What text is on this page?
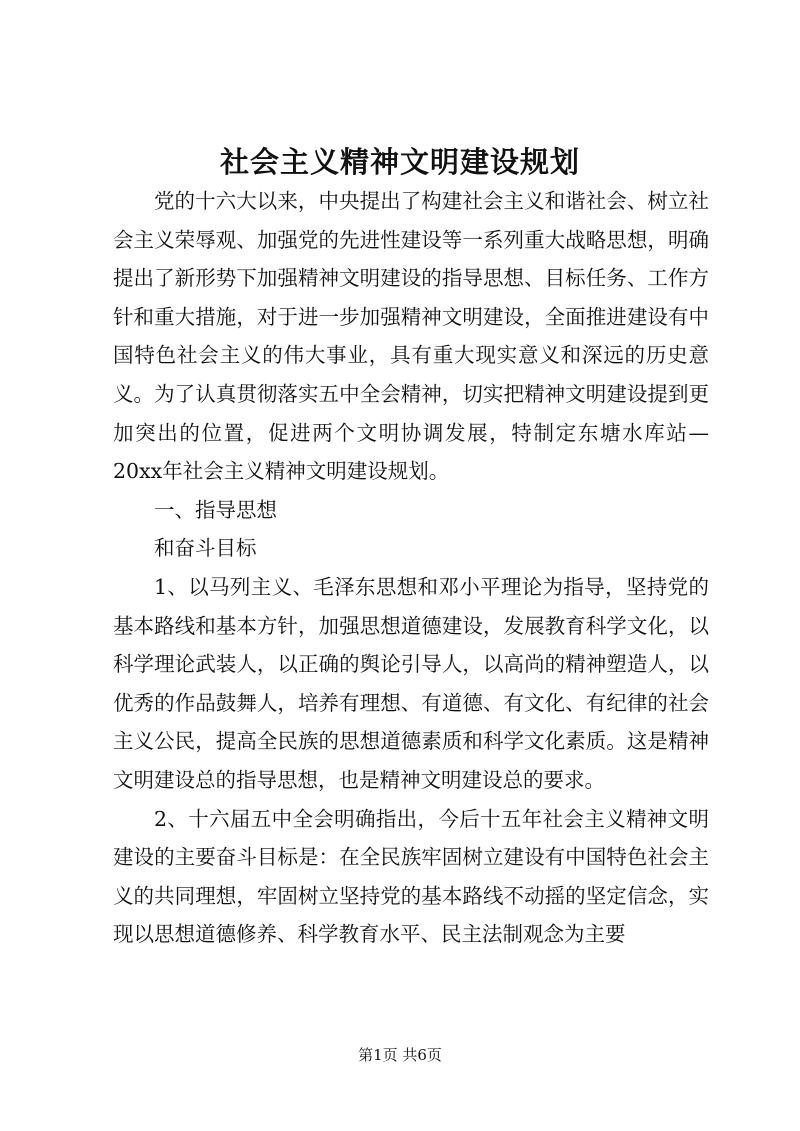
社会主义精神文明建设规划

党的十六大以来，中央提出了构建社会主义和谐社会、树立社会主义荣辱观、加强党的先进性建设等一系列重大战略思想，明确提出了新形势下加强精神文明建设的指导思想、目标任务、工作方针和重大措施，对于进一步加强精神文明建设，全面推进建设有中国特色社会主义的伟大事业，具有重大现实意义和深远的历史意义。为了认真贯彻落实五中全会精神，切实把精神文明建设提到更加突出的位置，促进两个文明协调发展，特制定东塘水库站—20xx年社会主义精神文明建设规划。

一、指导思想

和奋斗目标

1、以马列主义、毛泽东思想和邓小平理论为指导，坚持党的基本路线和基本方针，加强思想道德建设，发展教育科学文化，以科学理论武装人，以正确的舆论引导人，以高尚的精神塑造人，以优秀的作品鼓舞人，培养有理想、有道德、有文化、有纪律的社会主义公民，提高全民族的思想道德素质和科学文化素质。这是精神文明建设总的指导思想，也是精神文明建设总的要求。

2、十六届五中全会明确指出，今后十五年社会主义精神文明建设的主要奋斗目标是：在全民族牢固树立建设有中国特色社会主义的共同理想，牢固树立坚持党的基本路线不动摇的坚定信念，实现以思想道德修养、科学教育水平、民主法制观念为主要

第1页 共6页
